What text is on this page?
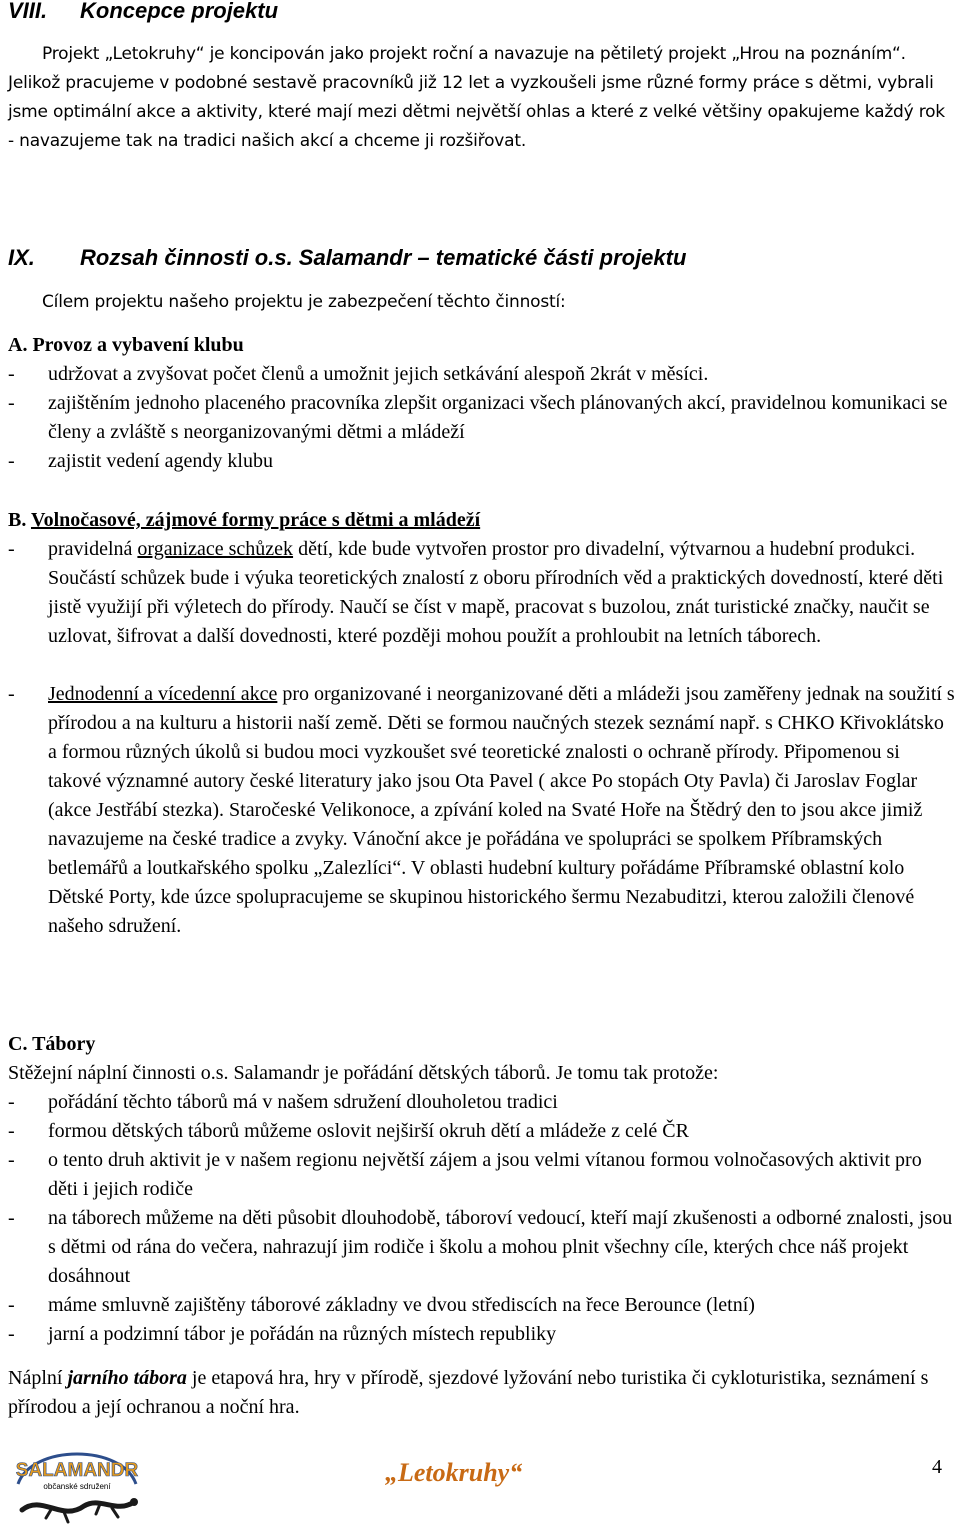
VIII. Koncepce projektu

Projekt „Letokruhy“ je koncipován jako projekt roční a navazuje na pětiletý projekt „Hrou na poznáním“. Jelikož pracujeme v podobné sestavě pracovníků již 12 let a vyzkoušeli jsme různé formy práce s dětmi, vybrali jsme optimální akce a aktivity, které mají mezi dětmi největší ohlas a které z velké většiny opakujeme každý rok - navazujeme tak na tradici našich akcí a chceme ji rozšiřovat.

IX. Rozsah činnosti o.s. Salamandr – tematické části projektu

Cílem projektu našeho projektu je zabezpečení těchto činností:

A. Provoz a vybavení klubu

- udržovat a zvyšovat počet členů a umožnit jejich setkávání alespoň 2krát v měsíci.
- zajištěním jednoho placeného pracovníka zlepšit organizaci všech plánovaných akcí, pravidelnou komunikaci se členy a zvláště s neorganizovanými dětmi a mládeží
- zajistit vedení agendy klubu

B. Volnočasové, zájmové formy práce s dětmi a mládeží

- pravidelná organizace schůzek dětí, kde bude vytvořen prostor pro divadelní, výtvarnou a hudební produkci. Součástí schůzek bude i výuka teoretických znalostí z oboru přírodních věd a praktických dovedností, které děti jistě využijí při výletech do přírody. Naučí se číst v mapě, pracovat s buzolou, znát turistické značky, naučit se uzlovat, šifrovat a další dovednosti, které později mohou použít a prohloubit na letních táborech.
- Jednodenní a vícedenní akce pro organizované i neorganizované děti a mládeži jsou zaměřeny jednak na soužití s přírodou a na kulturu a historii naší země. Děti se formou naučných stezek seznámí např. s CHKO Křivoklátsko a formou různých úkolů si budou moci vyzkoušet své teoretické znalosti o ochraně přírody. Připomenou si takové významné autory české literatury jako jsou Ota Pavel ( akce Po stopách Oty Pavla) či Jaroslav Foglar (akce Jestřábí stezka). Staročeské Velikonoce, a zpívání koled na Svaté Hoře na Štědrý den to jsou akce jimiž navazujeme na české tradice a zvyky. Vánoční akce je pořádána ve spolupráci se spolkem Příbramských betlemářů a loutkařského spolku „Zalezlíci“. V oblasti hudební kultury pořádáme Příbramské oblastní kolo Dětské Porty, kde úzce spolupracujeme se skupinou historického šermu Nezabuditzi, kterou založili členové našeho sdružení.

C. Tábory

Stěžejní náplní činnosti o.s. Salamandr je pořádání dětských táborů. Je tomu tak protože:

- pořádání těchto táborů má v našem sdružení dlouholetou tradici
- formou dětských táborů můžeme oslovit nejširší okruh dětí a mládeže z celé ČR
- o tento druh aktivit je v našem regionu největší zájem a jsou velmi vítanou formou volnočasových aktivit pro děti i jejich rodiče
- na táborech můžeme na děti působit dlouhodobě, táboroví vedoucí, kteří mají zkušenosti a odborné znalosti, jsou s dětmi od rána do večera, nahrazují jim rodiče i školu a mohou plnit všechny cíle, kterých chce náš projekt dosáhnout
- máme smluvně zajištěny táborové základny ve dvou střediscích na řece Berounce (letní)
- jarní a podzimní tábor je pořádán na různých místech republiky

Náplní jarního tábora je etapová hra, hry v přírodě, sjezdové lyžování nebo turistika či cykloturistika, seznámení s přírodou a její ochranou a noční hra.

SALAMANDR
občanské sdružení	„Letokruhy“	4
